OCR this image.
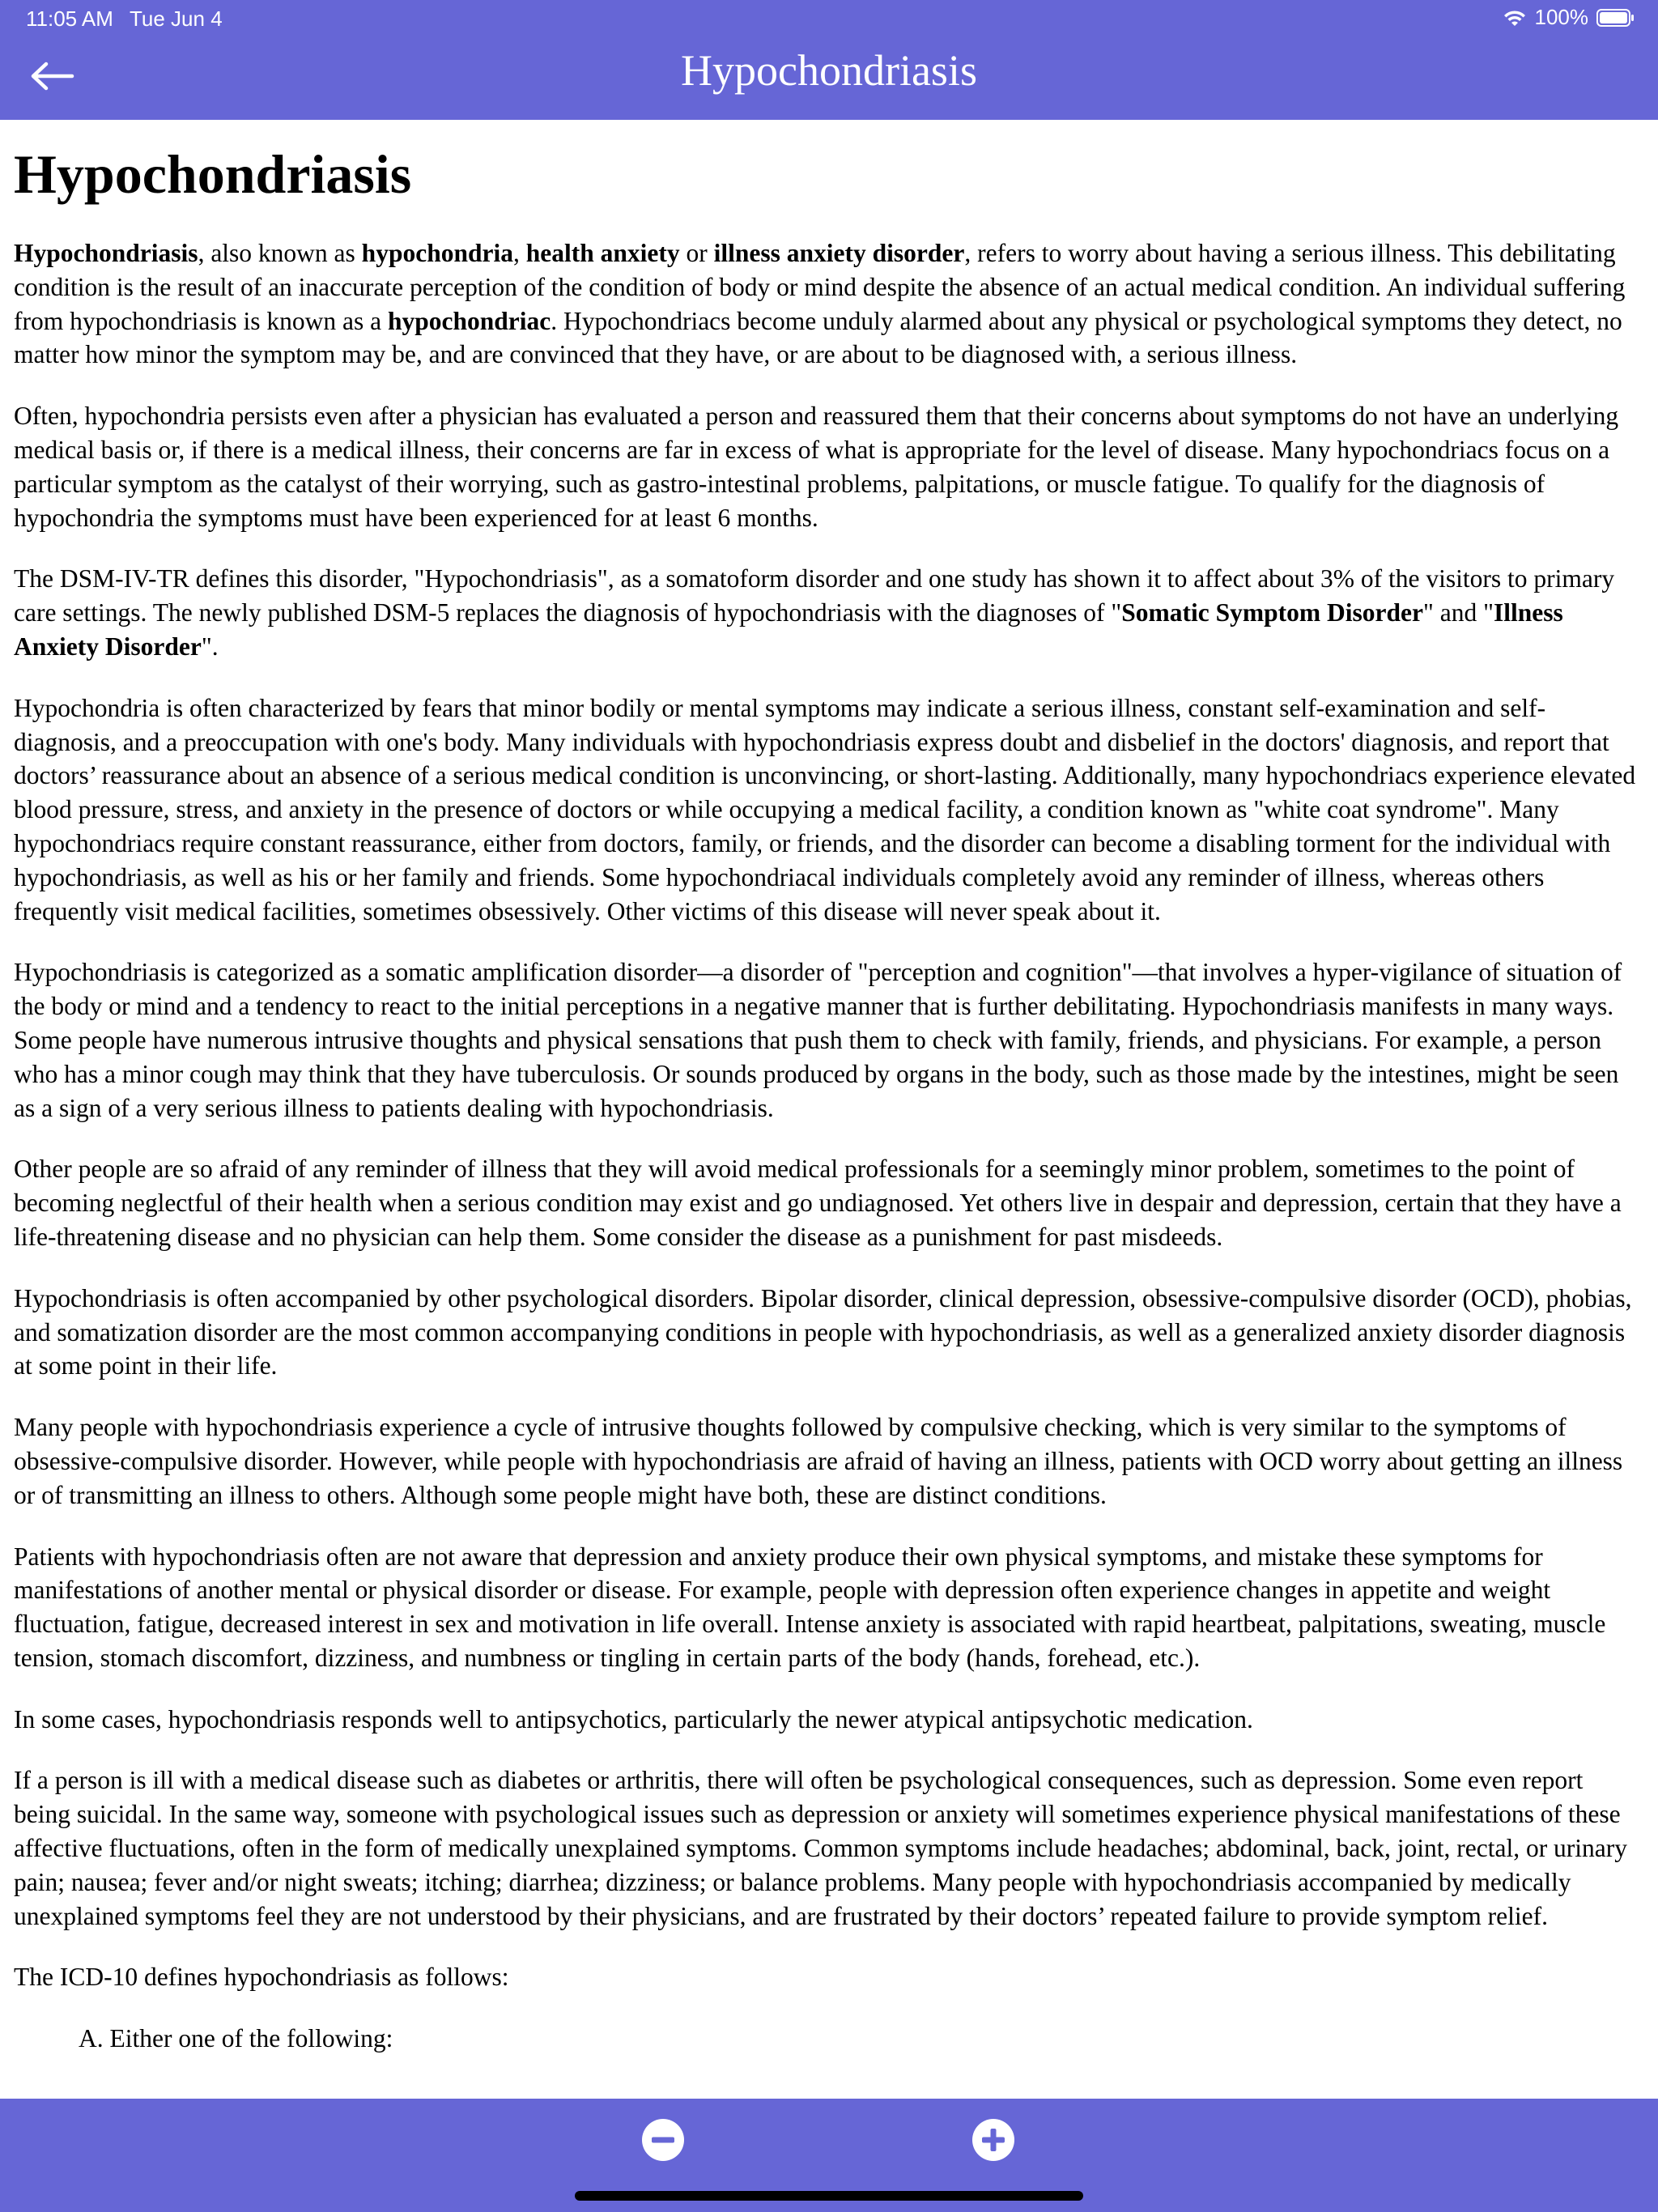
11:05 AM Tue Jun 4	100%
Hypochondriasis
Hypochondriasis

Hypochondriasis, also known as hypochondria, health anxiety or illness anxiety disorder, refers to worry about having a serious illness. This debilitating condition is the result of an inaccurate perception of the condition of body or mind despite the absence of an actual medical condition. An individual suffering from hypochondriasis is known as a hypochondriac. Hypochondriacs become unduly alarmed about any physical or psychological symptoms they detect, no matter how minor the symptom may be, and are convinced that they have, or are about to be diagnosed with, a serious illness.

Often, hypochondria persists even after a physician has evaluated a person and reassured them that their concerns about symptoms do not have an underlying medical basis or, if there is a medical illness, their concerns are far in excess of what is appropriate for the level of disease. Many hypochondriacs focus on a particular symptom as the catalyst of their worrying, such as gastro-intestinal problems, palpitations, or muscle fatigue. To qualify for the diagnosis of hypochondria the symptoms must have been experienced for at least 6 months.

The DSM-IV-TR defines this disorder, "Hypochondriasis", as a somatoform disorder and one study has shown it to affect about 3% of the visitors to primary care settings. The newly published DSM-5 replaces the diagnosis of hypochondriasis with the diagnoses of "Somatic Symptom Disorder" and "Illness Anxiety Disorder".

Hypochondria is often characterized by fears that minor bodily or mental symptoms may indicate a serious illness, constant self-examination and self-diagnosis, and a preoccupation with one's body. Many individuals with hypochondriasis express doubt and disbelief in the doctors' diagnosis, and report that doctors’ reassurance about an absence of a serious medical condition is unconvincing, or short-lasting. Additionally, many hypochondriacs experience elevated blood pressure, stress, and anxiety in the presence of doctors or while occupying a medical facility, a condition known as "white coat syndrome". Many hypochondriacs require constant reassurance, either from doctors, family, or friends, and the disorder can become a disabling torment for the individual with hypochondriasis, as well as his or her family and friends. Some hypochondriacal individuals completely avoid any reminder of illness, whereas others frequently visit medical facilities, sometimes obsessively. Other victims of this disease will never speak about it.

Hypochondriasis is categorized as a somatic amplification disorder—a disorder of "perception and cognition"—that involves a hyper-vigilance of situation of the body or mind and a tendency to react to the initial perceptions in a negative manner that is further debilitating. Hypochondriasis manifests in many ways. Some people have numerous intrusive thoughts and physical sensations that push them to check with family, friends, and physicians. For example, a person who has a minor cough may think that they have tuberculosis. Or sounds produced by organs in the body, such as those made by the intestines, might be seen as a sign of a very serious illness to patients dealing with hypochondriasis.

Other people are so afraid of any reminder of illness that they will avoid medical professionals for a seemingly minor problem, sometimes to the point of becoming neglectful of their health when a serious condition may exist and go undiagnosed. Yet others live in despair and depression, certain that they have a life-threatening disease and no physician can help them. Some consider the disease as a punishment for past misdeeds.

Hypochondriasis is often accompanied by other psychological disorders. Bipolar disorder, clinical depression, obsessive-compulsive disorder (OCD), phobias, and somatization disorder are the most common accompanying conditions in people with hypochondriasis, as well as a generalized anxiety disorder diagnosis at some point in their life.

Many people with hypochondriasis experience a cycle of intrusive thoughts followed by compulsive checking, which is very similar to the symptoms of obsessive-compulsive disorder. However, while people with hypochondriasis are afraid of having an illness, patients with OCD worry about getting an illness or of transmitting an illness to others. Although some people might have both, these are distinct conditions.

Patients with hypochondriasis often are not aware that depression and anxiety produce their own physical symptoms, and mistake these symptoms for manifestations of another mental or physical disorder or disease. For example, people with depression often experience changes in appetite and weight fluctuation, fatigue, decreased interest in sex and motivation in life overall. Intense anxiety is associated with rapid heartbeat, palpitations, sweating, muscle tension, stomach discomfort, dizziness, and numbness or tingling in certain parts of the body (hands, forehead, etc.).

In some cases, hypochondriasis responds well to antipsychotics, particularly the newer atypical antipsychotic medication.

If a person is ill with a medical disease such as diabetes or arthritis, there will often be psychological consequences, such as depression. Some even report being suicidal. In the same way, someone with psychological issues such as depression or anxiety will sometimes experience physical manifestations of these affective fluctuations, often in the form of medically unexplained symptoms. Common symptoms include headaches; abdominal, back, joint, rectal, or urinary pain; nausea; fever and/or night sweats; itching; diarrhea; dizziness; or balance problems. Many people with hypochondriasis accompanied by medically unexplained symptoms feel they are not understood by their physicians, and are frustrated by their doctors’ repeated failure to provide symptom relief.

The ICD-10 defines hypochondriasis as follows:

A. Either one of the following:
